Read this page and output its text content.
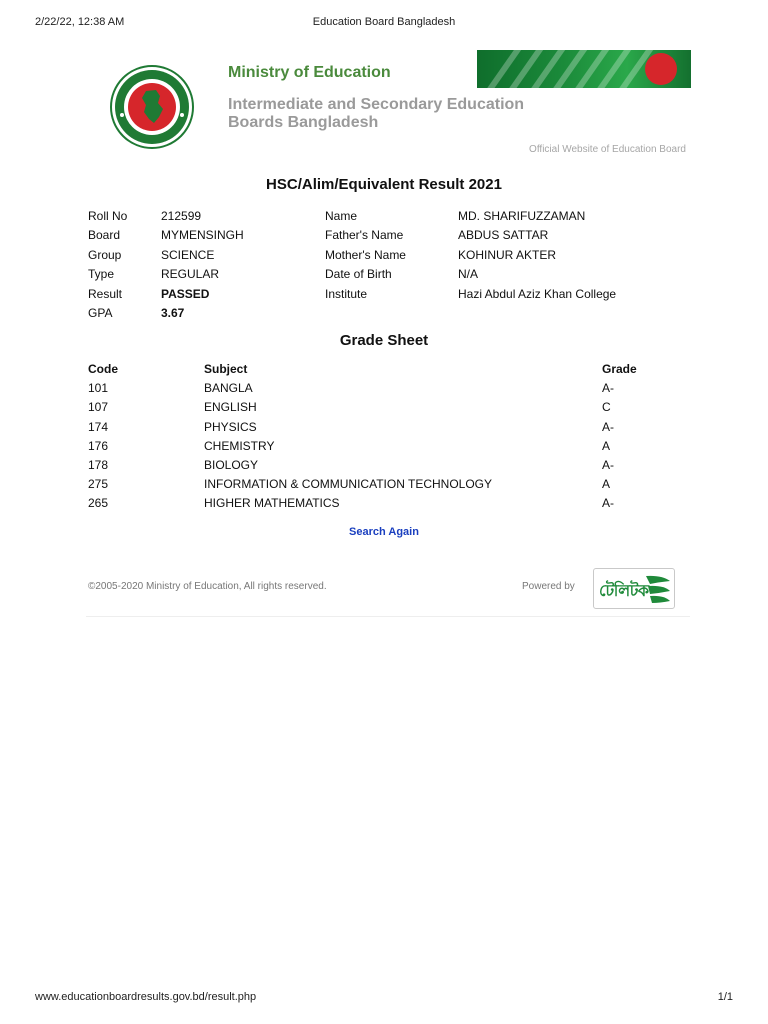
2/22/22, 12:38 AM	Education Board Bangladesh
Ministry of Education
Intermediate and Secondary Education Boards Bangladesh
Official Website of Education Board
HSC/Alim/Equivalent Result 2021
Roll No	212599	Name	MD. SHARIFUZZAMAN
Board	MYMENSINGH	Father's Name	ABDUS SATTAR
Group	SCIENCE	Mother's Name	KOHINUR AKTER
Type	REGULAR	Date of Birth	N/A
Result	PASSED	Institute	Hazi Abdul Aziz Khan College
GPA	3.67
Grade Sheet
Code	Subject	Grade
101	BANGLA	A-
107	ENGLISH	C
174	PHYSICS	A-
176	CHEMISTRY	A
178	BIOLOGY	A-
275	INFORMATION & COMMUNICATION TECHNOLOGY	A
265	HIGHER MATHEMATICS	A-
Search Again
©2005-2020 Ministry of Education, All rights reserved.	Powered by টেলিটক
www.educationboardresults.gov.bd/result.php	1/1
